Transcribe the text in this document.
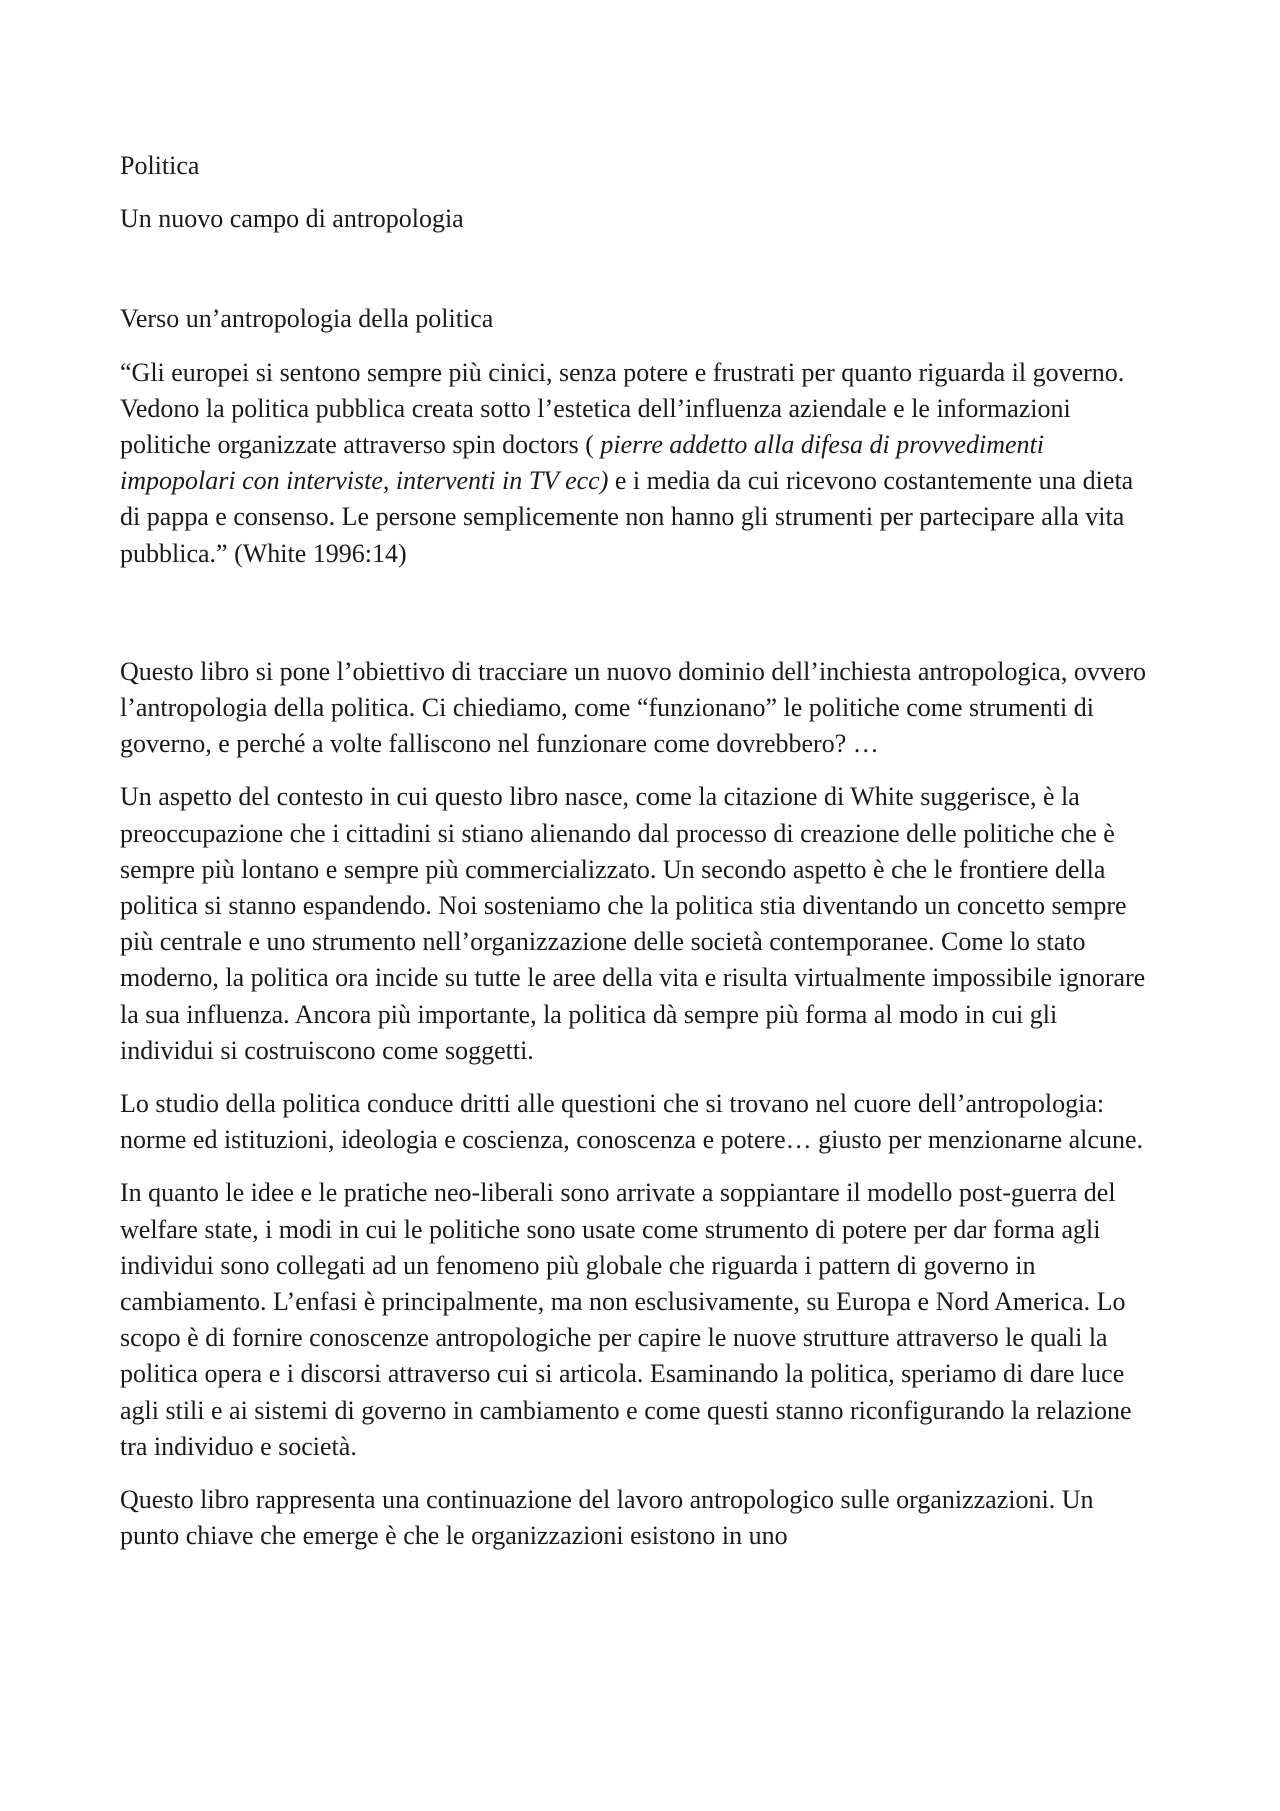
Politica

Un nuovo campo di antropologia

Verso un’antropologia della politica

“Gli europei si sentono sempre più cinici, senza potere e frustrati per quanto riguarda il governo. Vedono la politica pubblica creata sotto l’estetica dell’influenza aziendale e le informazioni politiche organizzate attraverso spin doctors ( pierre addetto alla difesa di provvedimenti impopolari con interviste, interventi in TV ecc) e i media da cui ricevono costantemente una dieta di pappa e consenso. Le persone semplicemente non hanno gli strumenti per partecipare alla vita pubblica.” (White 1996:14)

Questo libro si pone l’obiettivo di tracciare un nuovo dominio dell’inchiesta antropologica, ovvero l’antropologia della politica. Ci chiediamo, come “funzionano” le politiche come strumenti di governo, e perché a volte falliscono nel funzionare come dovrebbero? …

Un aspetto del contesto in cui questo libro nasce, come la citazione di White suggerisce, è la preoccupazione che i cittadini si stiano alienando dal processo di creazione delle politiche che è sempre più lontano e sempre più commercializzato. Un secondo aspetto è che le frontiere della politica si stanno espandendo. Noi sosteniamo che la politica stia diventando un concetto sempre più centrale e uno strumento nell’organizzazione delle società contemporanee. Come lo stato moderno, la politica ora incide su tutte le aree della vita e risulta virtualmente impossibile ignorare la sua influenza. Ancora più importante, la politica dà sempre più forma al modo in cui gli individui si costruiscono come soggetti.

Lo studio della politica conduce dritti alle questioni che si trovano nel cuore dell’antropologia: norme ed istituzioni, ideologia e coscienza, conoscenza e potere… giusto per menzionarne alcune.

In quanto le idee e le pratiche neo-liberali sono arrivate a soppiantare il modello post-guerra del welfare state, i modi in cui le politiche sono usate come strumento di potere per dar forma agli individui sono collegati ad un fenomeno più globale che riguarda i pattern di governo in cambiamento. L’enfasi è principalmente, ma non esclusivamente, su Europa e Nord America. Lo scopo è di fornire conoscenze antropologiche per capire le nuove strutture attraverso le quali la politica opera e i discorsi attraverso cui si articola. Esaminando la politica, speriamo di dare luce agli stili e ai sistemi di governo in cambiamento e come questi stanno riconfigurando la relazione tra individuo e società.

Questo libro rappresenta una continuazione del lavoro antropologico sulle organizzazioni. Un punto chiave che emerge è che le organizzazioni esistono in uno
